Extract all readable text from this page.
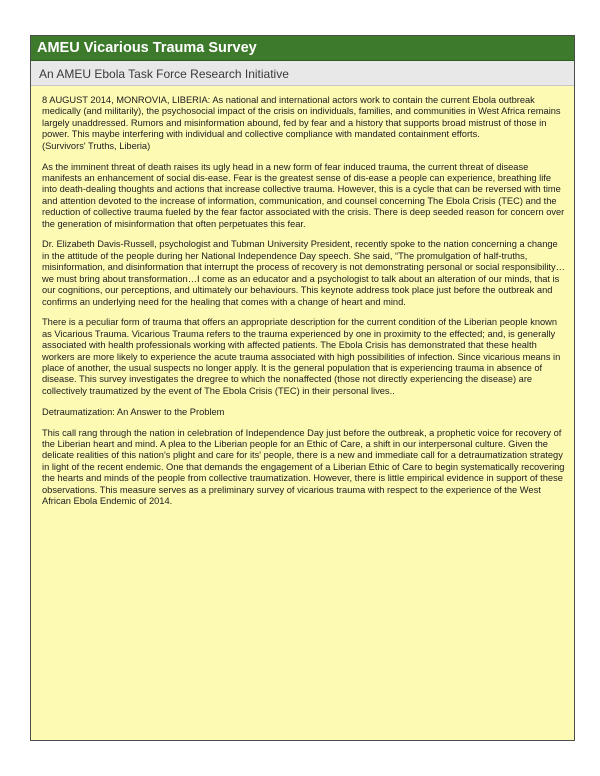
AMEU Vicarious Trauma Survey
An AMEU Ebola Task Force Research Initiative

8 AUGUST 2014, MONROVIA, LIBERIA: As national and international actors work to contain the current Ebola outbreak medically (and militarily), the psychosocial impact of the crisis on individuals, families, and communities in West Africa remains largely unaddressed. Rumors and misinformation abound, fed by fear and a history that supports broad mistrust of those in power. This maybe interfering with individual and collective compliance with mandated containment efforts.
(Survivors' Truths, Liberia)

As the imminent threat of death raises its ugly head in a new form of fear induced trauma, the current threat of disease manifests an enhancement of social dis-ease. Fear is the greatest sense of dis-ease a people can experience, breathing life into death-dealing thoughts and actions that increase collective trauma. However, this is a cycle that can be reversed with time and attention devoted to the increase of information, communication, and counsel concerning The Ebola Crisis (TEC) and the reduction of collective trauma fueled by the fear factor associated with the crisis. There is deep seeded reason for concern over the generation of misinformation that often perpetuates this fear.

Dr. Elizabeth Davis-Russell, psychologist and Tubman University President, recently spoke to the nation concerning a change in the attitude of the people during her National Independence Day speech. She said, “The promulgation of half-truths, misinformation, and disinformation that interrupt the process of recovery is not demonstrating personal or social responsibility…we must bring about transformation…I come as an educator and a psychologist to talk about an alteration of our minds, that is our cognitions, our perceptions, and ultimately our behaviours. This keynote address took place just before the outbreak and confirms an underlying need for the healing that comes with a change of heart and mind.

There is a peculiar form of trauma that offers an appropriate description for the current condition of the Liberian people known as Vicarious Trauma. Vicarious Trauma refers to the trauma experienced by one in proximity to the effected; and, is generally associated with health professionals working with affected patients. The Ebola Crisis has demonstrated that these health workers are more likely to experience the acute trauma associated with high possibilities of infection. Since vicarious means in place of another, the usual suspects no longer apply. It is the general population that is experiencing trauma in absence of disease. This survey investigates the dregree to which the nonaffected (those not directly experiencing the disease) are collectively traumatized by the event of The Ebola Crisis (TEC) in their personal lives..

Detraumatization: An Answer to the Problem

This call rang through the nation in celebration of Independence Day just before the outbreak, a prophetic voice for recovery of the Liberian heart and mind. A plea to the Liberian people for an Ethic of Care, a shift in our interpersonal culture. Given the delicate realities of this nation's plight and care for its' people, there is a new and immediate call for a detraumatization strategy in light of the recent endemic. One that demands the engagement of a Liberian Ethic of Care to begin systematically recovering the hearts and minds of the people from collective traumatization. However, there is little empirical evidence in support of these observations. This measure serves as a preliminary survey of vicarious trauma with respect to the experience of the West African Ebola Endemic of 2014.
